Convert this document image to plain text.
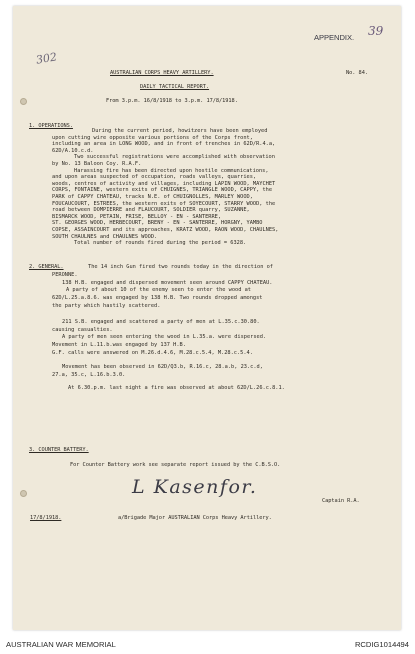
APPENDIX. 39
302
AUSTRALIAN CORPS HEAVY ARTILLERY.	No. 84.
DAILY TACTICAL REPORT.
From 3.p.m. 16/8/1918 to 3.p.m. 17/8/1918.
1. OPERATIONS.
During the current period, howitzers have been employed
upon cutting wire opposite various portions of the Corps front,
including an area in LONG WOOD, and in front of trenches in 62D/R.4.a,
62D/A.10.c.d.
Two successful registrations were accomplished with observation
by No. 13 Baloon Coy. R.A.F.
Harassing fire has been directed upon hostile communications,
and upon areas suspected of occupation, roads valleys, quarries,
woods, centres of activity and villages, including LAPIN WOOD, MAYCHET
CORPS, FONTAINE, western exits of CHUIGNES, TRIANGLE WOOD, CAPPY, the
PARK of CAPPY CHATEAU, tracks N.E. of CHUIGNOLLES, MARLEY WOOD,
FOUCAUCOURT, ESTREES, the western exits of SOYECOURT, STARRY WOOD, the
road between DOMPIERRE and FLAUCOURT, SOLDIER quarry, SUZANNE,
BISMARCK WOOD, PETAIN, FRISE, BELLOY - EN - SANTERRE,
ST. GEORGES WOOD, HERBECOURT, BRENY - EN - SANTERRE, HORGNY, YAMBO
COPSE, ASSAINCOURT and its approaches, KRATZ WOOD, RAON WOOD, CHAULNES,
SOUTH CHAULNES and CHAULNES WOOD.
Total number of rounds fired during the period = 6328.
2. GENERAL.	The 14 inch Gun fired two rounds today in the direction of
PERONNE.
138 H.B. engaged and dispersed movement seen around CAPPY CHATEAU.
A party of about 10 of the enemy seen to enter the wood at
62D/L.25.a.8.6. was engaged by 138 H.B. Two rounds dropped amongst
the party which hastily scattered.
211 S.B. engaged and scattered a party of men at L.35.c.30.80.
causing casualties.
A party of men seen entering the wood in L.35.a. were dispersed.
Movement in L.11.b.was engaged by 137 H.B.
G.F. calls were answered on M.26.d.4.6, M.28.c.5.4, M.28.c.5.4.
Movement has been observed in 62D/Q3.b, R.16.c, 28.a.b, 23.c.d,
27.a, 35.c, L.16.b.3.0.
At 6.30.p.m. last night a fire was observed at about 62D/L.26.c.8.1.
3. COUNTER BATTERY.
For Counter Battery work see separate report issued by the C.B.S.O.
L Kasenfor.
Captain R.A.
17/8/1918.	a/Brigade Major AUSTRALIAN Corps Heavy Artillery.
AUSTRALIAN WAR MEMORIAL	RCDIG1014494
